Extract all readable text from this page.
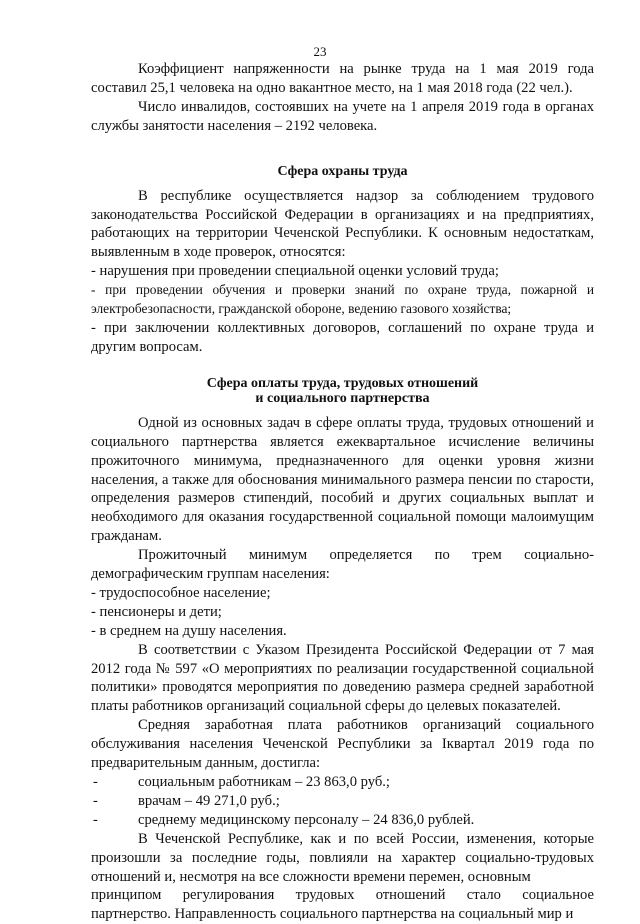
23

Коэффициент напряженности на рынке труда на 1 мая 2019 года составил 25,1 человека на одно вакантное место, на 1 мая 2018 года (22 чел.).

Число инвалидов, состоявших на учете на 1 апреля 2019 года в органах службы занятости населения – 2192 человека.

Сфера охраны труда

В республике осуществляется надзор за соблюдением трудового законодательства Российской Федерации в организациях и на предприятиях, работающих на территории Чеченской Республики. К основным недостаткам, выявленным в ходе проверок, относятся:

- нарушения при проведении специальной оценки условий труда;

- при проведении обучения и проверки знаний по охране труда, пожарной и электробезопасности, гражданской обороне, ведению газового хозяйства;

- при заключении коллективных договоров, соглашений по охране труда и другим вопросам.

Сфера оплаты труда, трудовых отношений
и социального партнерства

Одной из основных задач в сфере оплаты труда, трудовых отношений и социального партнерства является ежеквартальное исчисление величины прожиточного минимума, предназначенного для оценки уровня жизни населения, а также для обоснования минимального размера пенсии по старости, определения размеров стипендий, пособий и других социальных выплат и необходимого для оказания государственной социальной помощи малоимущим гражданам.

Прожиточный минимум определяется по трем социально-

демографическим группам населения:

- трудоспособное население;

- пенсионеры и дети;

- в среднем на душу населения.

В соответствии с Указом Президента Российской Федерации от 7 мая 2012 года № 597 «О мероприятиях по реализации государственной социальной политики» проводятся мероприятия по доведению размера средней заработной платы работников организаций социальной сферы до целевых показателей.

Средняя заработная плата работников организаций социального обслуживания населения Чеченской Республики за Iквартал 2019 года по предварительным данным, достигла:

-	социальным работникам – 23 863,0 руб.;
-	врачам – 49 271,0 руб.;
-	среднему медицинскому персоналу – 24 836,0 рублей.

В Чеченской Республике, как и по всей России, изменения, которые произошли за последние годы, повлияли на характер социально-трудовых отношений и, несмотря на все сложности времени перемен, основным

принципом регулирования трудовых отношений стало социальное

партнерство. Направленность социального партнерства на социальный мир и
